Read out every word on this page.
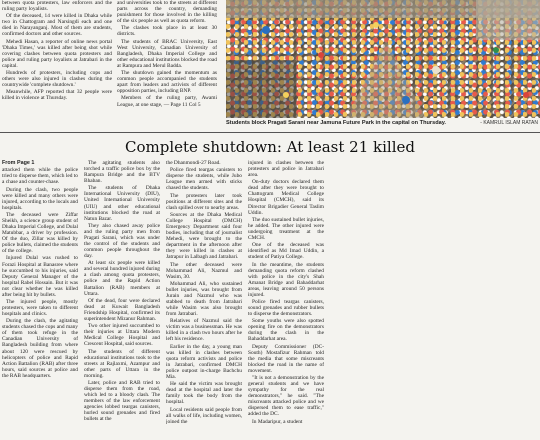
between quota protesters, law enforcers and the ruling party loyalists.

Of the deceased, 14 were killed in Dhaka while two in Chattogram and Narsingdi each and one died in Narayanganj. Most of them are students, confirmed doctors and other sources.

Mehedi Hasan, a reporter of online news portal 'Dhaka Times,' was killed after being shot while covering clashes between quota protesters and police and ruling party loyalists at Jatrabari in the capital.

Hundreds of protesters, including cops and others were also injured in clashes during the countrywide 'complete shutdown.'

Meanwhile, AFP reported that 32 people were killed in violence at Thursday.

and universities took to the streets at different parts across the country, demanding punishment for those involved in the killing of the six people as well as quota reform.

The clashes took place in at least 30 districts.

The students of BRAC University, East West University, Canadian University of Bangladesh, Dhaka Imperial College and other educational institutions blocked the road at Rampura and Merul Badda.

The shutdown gained the momentum as common people accompanied the students apart from leaders and activists of different opposition parties, including BNP.

Members of the ruling party, Awami League, at one stage, — Page 11 Col 5

Students block Pragati Sarani near Jamuna Future Park in the capital on Thursday.	- KAMRUL ISLAM RATAN
Complete shutdown: At least 21 killed

From Page 1

attacked them while the police tried to disperse them, which led to a chase and counter-chase.

During the clash, two people were killed and many others were injured, according to the locals and hospitals.

The deceased were Ziffar Sheikh, a science group student of Dhaka Imperial College, and Dulal Matubbar, a driver by profession. Of the duo, Zillar was killed by police bullets, claimed the students of the college.

Injured Dulal was rushed to Forazi Hospital at Banasree where he succumbed to his injuries, said Deputy General Manager of the hospital Rabel Hossain. But it was not clear whether he was killed after being hit by bullets.

The injured people, mostly protesters, were taken to different hospitals and clinics.

During the clash, the agitating students chased the cops and many of them took refuge in the Canadian University of Bangladesh building from where about 120 were rescued by helicopters of police and Rapid Action Battalion (RAB) after three hours, said sources at police and the RAB headquarters.

The agitating students also torched a traffic police box by the Rampura Bridge and the BTV Bhaban.

The students of Dhaka International University (DIU), United International University (UIU) and other educational institutions blocked the road at Natun Bazar.

They also chased away police and the ruling party men from Pragati Sarani, which was under the control of the students and common people throughout the day.

At least six people were killed and several hundred injured during a clash among quota protesters, police and the Rapid Action Battalion (RAB) members at Uttara.

Of the dead, four were declared dead at Kuwait Bangladesh Friendship Hospital, confirmed its superintendent Mizanur Rahman.

Two other injured succumbed to their injuries at Uttara Modern Medical College Hospital and Crescent Hospital, said sources.

The students of different educational institutions took to the streets at Rajlaxmi, Azampur and other parts of Uttara in the morning.

Later, police and RAB tried to disperse them from the road, which led to a bloody clash. The members of the law enforcement agencies lobbed teargas canisters, hurled sound grenades and fired bullets at the

the Dhanmondi-27 Road.

Police fired teargas canisters to disperse the students, while Jubo League men armed with sticks chased the students.

The protesters later took positions at different sites and the clash spilled over to nearby areas.

Sources at the Dhaka Medical College Hospital (DMCH) Emergency Department said four bodies, including that of journalist Mehedi, were brought to the department in the afternoon after they were killed in clashes at Jatrapur in Lalbagh and Jatrabari.

The other deceased were Mohammad Ali, Nazmul and Wasim, 30.

Mohammad Ali, who sustained bullet injuries, was brought from Jurain and Nazmul who was stabbed to death from Jatrabari while Wasim was also brought from Jatrabari.

Relatives of Nazmul said the victim was a businessman. He was killed in a clash two hours after he left his residence.

Earlier in the day, a young man was killed in clashes between quota reform activists and police in Jatrabari, confirmed DMCH police outpost in-charge Bachchu Mia.

He said the victim was brought dead at the hospital and later the family took the body from the hospital.

Local residents said people from all walks of life, including women, joined the

injured in clashes between the protesters and police in Jatrabari area.

On-duty doctors declared them dead after they were brought to Chattogram Medical College Hospital (CMCH), said its Director Brigadier General Taslim Uddin.

The duo sustained bullet injuries, he added. The other injured were undergoing treatment at the CMCH.

One of the deceased was identified as Md Imad Uddin, a student of Patiya College.

In the meantime, the students demanding quota reform clashed with police in the city's Shah Amanat Bridge and Bahaddarhat areas, leaving around 50 persons injured.

Police fired teargas canisters, sound grenades and rubber bullets to disperse the demonstrators.

Some youths were also spotted opening fire on the demonstrators during the clash in the Bahaddarhat area.

Deputy Commissioner (DC-South) Mostafizur Rahman told the media that some miscreants blocked the road in the name of movement.

"It is not a demonstration by the general students and we have sympathy for the real demonstrators," he said. "The miscreants attacked police and we dispersed them to ease traffic," added the DC.

In Madaripur, a student
